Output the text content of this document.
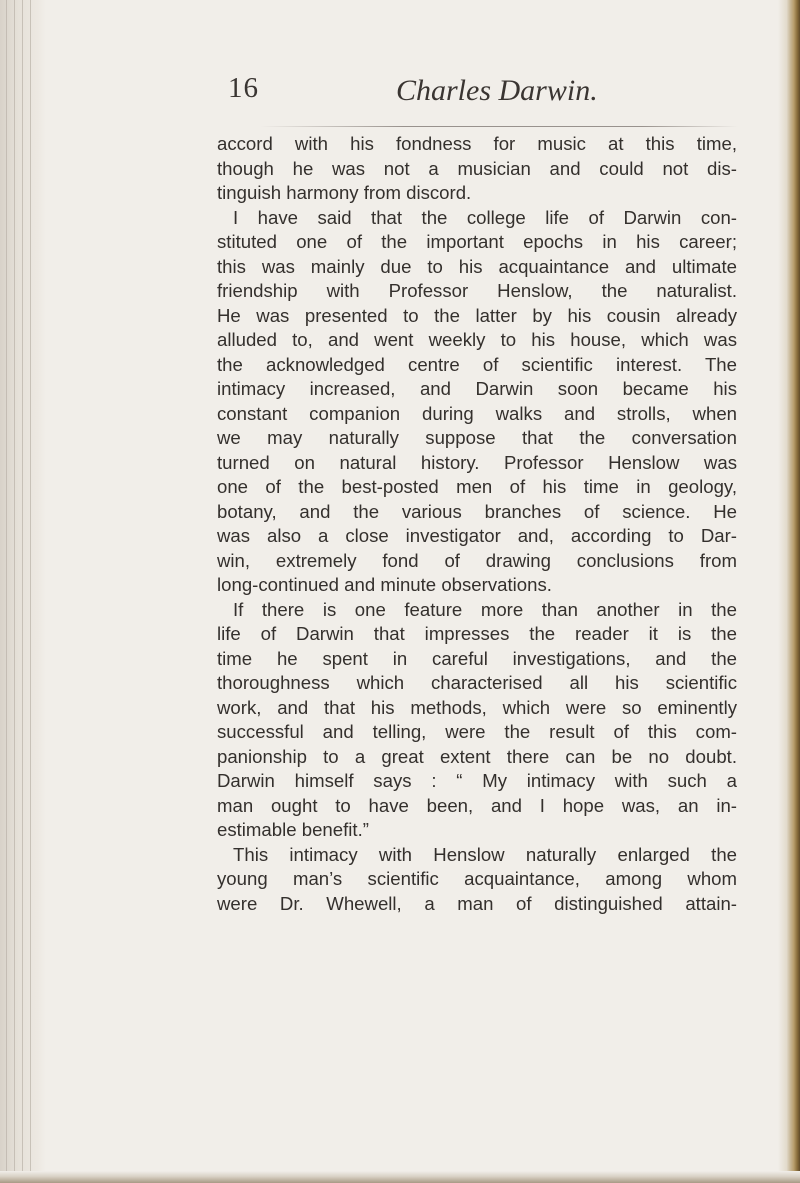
16	Charles Darwin.
accord with his fondness for music at this time,
though he was not a musician and could not dis-
tinguish harmony from discord.
I have said that the college life of Darwin con-
stituted one of the important epochs in his career;
this was mainly due to his acquaintance and ultimate
friendship with Professor Henslow, the naturalist.
He was presented to the latter by his cousin already
alluded to, and went weekly to his house, which was
the acknowledged centre of scientific interest. The
intimacy increased, and Darwin soon became his
constant companion during walks and strolls, when
we may naturally suppose that the conversation
turned on natural history. Professor Henslow was
one of the best-posted men of his time in geology,
botany, and the various branches of science. He
was also a close investigator and, according to Dar-
win, extremely fond of drawing conclusions from
long-continued and minute observations.
If there is one feature more than another in the
life of Darwin that impresses the reader it is the
time he spent in careful investigations, and the
thoroughness which characterised all his scientific
work, and that his methods, which were so eminently
successful and telling, were the result of this com-
panionship to a great extent there can be no doubt.
Darwin himself says : “ My intimacy with such a
man ought to have been, and I hope was, an in-
estimable benefit.”
This intimacy with Henslow naturally enlarged the
young man’s scientific acquaintance, among whom
were Dr. Whewell, a man of distinguished attain-
